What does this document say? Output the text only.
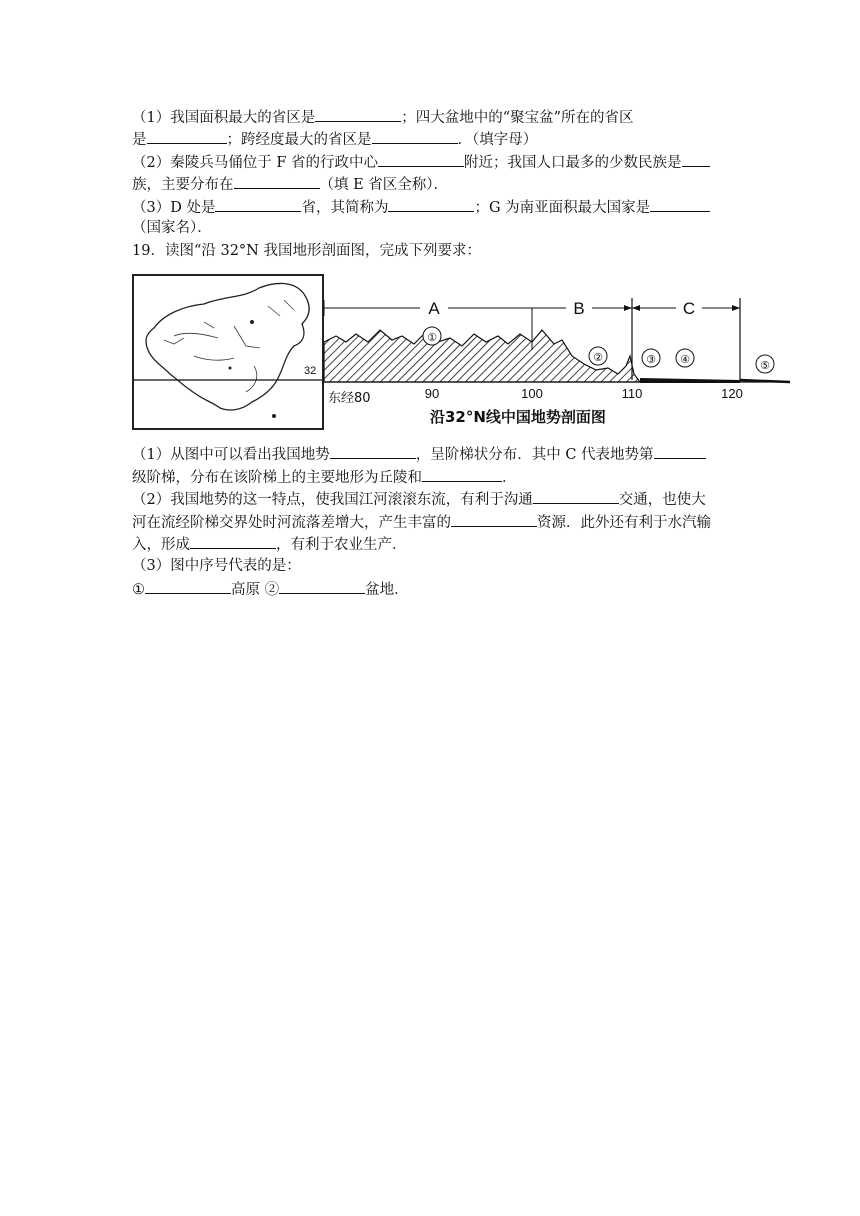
（1）我国面积最大的省区是	；四大盆地中的“聚宝盆”所在的省区
是	；跨经度最大的省区是	．（填字母）
（2）秦陵兵马俑位于 F 省的行政中心	附近；我国人口最多的少数民族是
族，主要分布在	（填 E 省区全称）．
（3）D 处是	省，其简称为	；G 为南亚面积最大国家是
（国家名）．
19．读图“沿 32°N 我国地形剖面图，完成下列要求：
32
A	B	C
①
②	③ ④	⑤
东经80	90	100	110	120
沿32°N线中国地势剖面图
（1）从图中可以看出我国地势	，呈阶梯状分布．其中 C 代表地势第
级阶梯，分布在该阶梯上的主要地形为丘陵和	．
（2）我国地势的这一特点，使我国江河滚滚东流，有利于沟通	交通，也使大
河在流经阶梯交界处时河流落差增大，产生丰富的	资源．此外还有利于水汽输
入，形成	，有利于农业生产．
（3）图中序号代表的是：
①	高原 ②	盆地．
